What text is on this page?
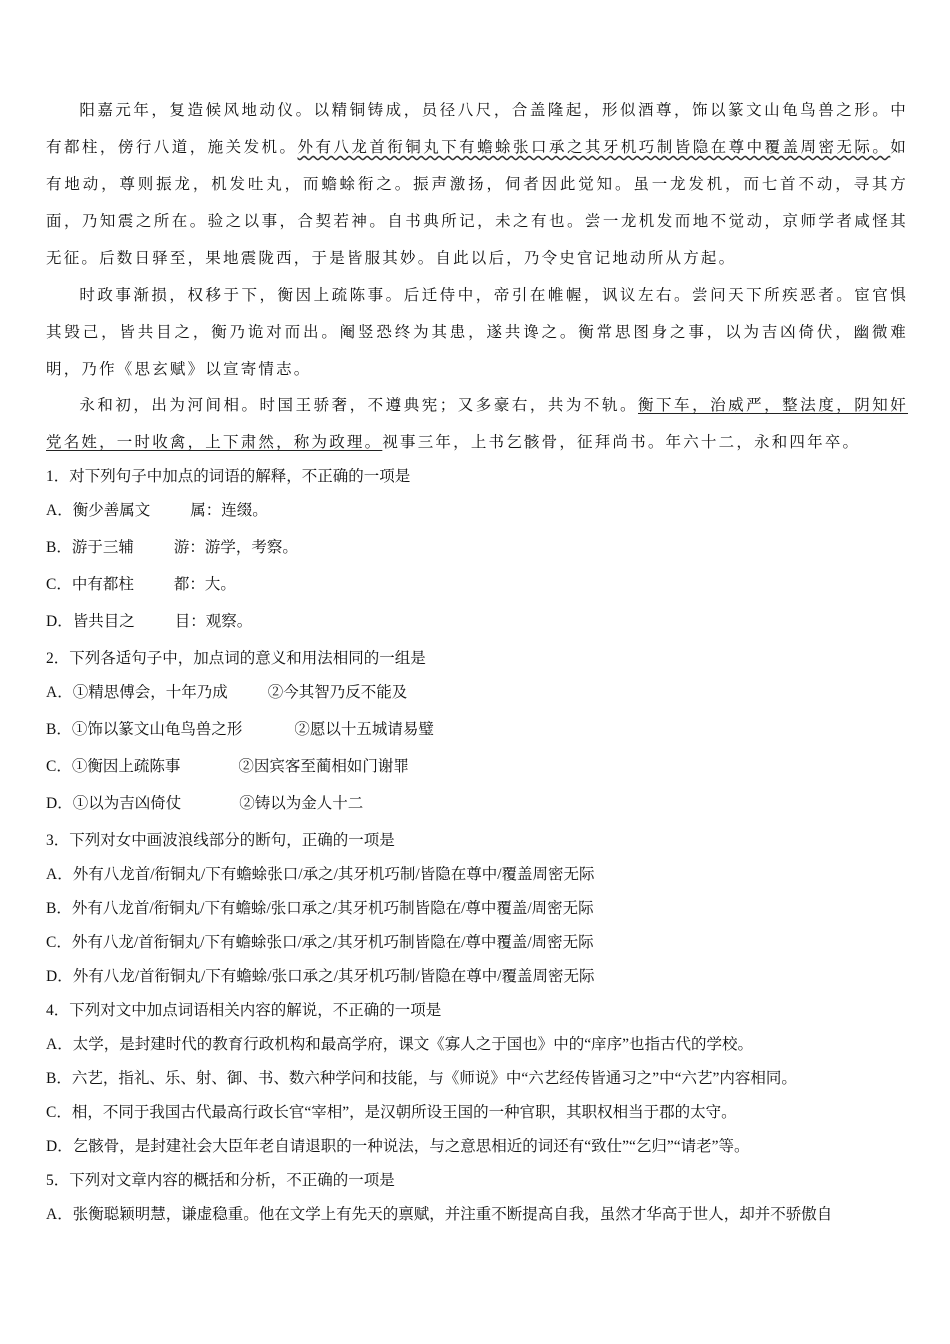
阳嘉元年，复造候风地动仪。以精铜铸成，员径八尺，合盖隆起，形似酒尊，饰以篆文山龟鸟兽之形。中有都柱，傍行八道，施关发机。外有八龙首衔铜丸下有蟾蜍张口承之其牙机巧制皆隐在尊中覆盖周密无际。如有地动，尊则振龙，机发吐丸，而蟾蜍衔之。振声激扬，伺者因此觉知。虽一龙发机，而七首不动，寻其方面，乃知震之所在。验之以事，合契若神。自书典所记，未之有也。尝一龙机发而地不觉动，京师学者咸怪其无征。后数日驿至，果地震陇西，于是皆服其妙。自此以后，乃令史官记地动所从方起。

时政事渐损，权移于下，衡因上疏陈事。后迁侍中，帝引在帷幄，讽议左右。尝问天下所疾恶者。宦官惧其毁己，皆共目之，衡乃诡对而出。阉竖恐终为其患，遂共谗之。衡常思图身之事，以为吉凶倚伏，幽微难明，乃作《思玄赋》以宣寄情志。

永和初，出为河间相。时国王骄奢，不遵典宪；又多豪右，共为不轨。衡下车，治威严，整法度，阴知奸党名姓，一时收禽，上下肃然，称为政理。视事三年，上书乞骸骨，征拜尚书。年六十二，永和四年卒。

1．对下列句子中加点的词语的解释，不正确的一项是

A．衡少善属文	属：连缀。

B．游于三辅	游：游学，考察。

C．中有都柱	都：大。

D．皆共目之	目：观察。

2．下列各适句子中，加点词的意义和用法相同的一组是

A．①精思傅会，十年乃成	②今其智乃反不能及

B．①饰以篆文山龟鸟兽之形	②愿以十五城请易璧

C．①衡因上疏陈事	②因宾客至蔺相如门谢罪

D．①以为吉凶倚仗	②铸以为金人十二

3．下列对女中画波浪线部分的断句，正确的一项是

A．外有八龙首/衔铜丸/下有蟾蜍张口/承之/其牙机巧制/皆隐在尊中/覆盖周密无际

B．外有八龙首/衔铜丸/下有蟾蜍/张口承之/其牙机巧制皆隐在/尊中覆盖/周密无际

C．外有八龙/首衔铜丸/下有蟾蜍张口/承之/其牙机巧制皆隐在/尊中覆盖/周密无际

D．外有八龙/首衔铜丸/下有蟾蜍/张口承之/其牙机巧制/皆隐在尊中/覆盖周密无际

4．下列对文中加点词语相关内容的解说，不正确的一项是

A．太学，是封建时代的教育行政机构和最高学府，课文《寡人之于国也》中的“庠序”也指古代的学校。

B．六艺，指礼、乐、射、御、书、数六种学问和技能，与《师说》中“六艺经传皆通习之”中“六艺”内容相同。

C．相，不同于我国古代最高行政长官“宰相”，是汉朝所设王国的一种官职，其职权相当于郡的太守。

D．乞骸骨，是封建社会大臣年老自请退职的一种说法，与之意思相近的词还有“致仕”“乞归”“请老”等。

5．下列对文章内容的概括和分析，不正确的一项是

A．张衡聪颖明慧，谦虚稳重。他在文学上有先天的禀赋，并注重不断提高自我，虽然才华高于世人，却并不骄傲自
